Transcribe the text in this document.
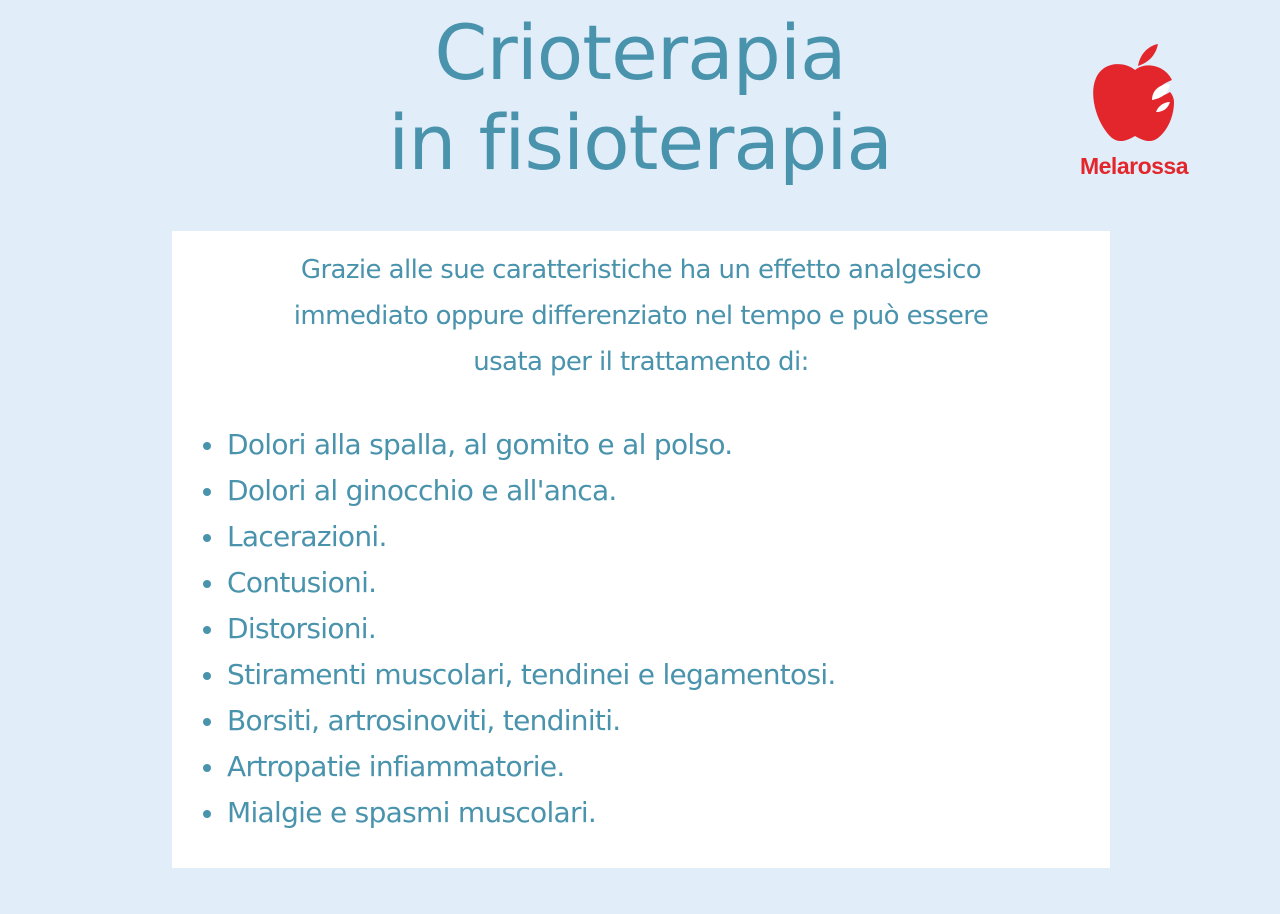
Crioterapia
in fisioterapia	Melarossa

Grazie alle sue caratteristiche ha un effetto analgesico
immediato oppure differenziato nel tempo e può essere
usata per il trattamento di:

Dolori alla spalla, al gomito e al polso.
Dolori al ginocchio e all'anca.
Lacerazioni.
Contusioni.
Distorsioni.
Stiramenti muscolari, tendinei e legamentosi.
Borsiti, artrosinoviti, tendiniti.
Artropatie infiammatorie.
Mialgie e spasmi muscolari.
